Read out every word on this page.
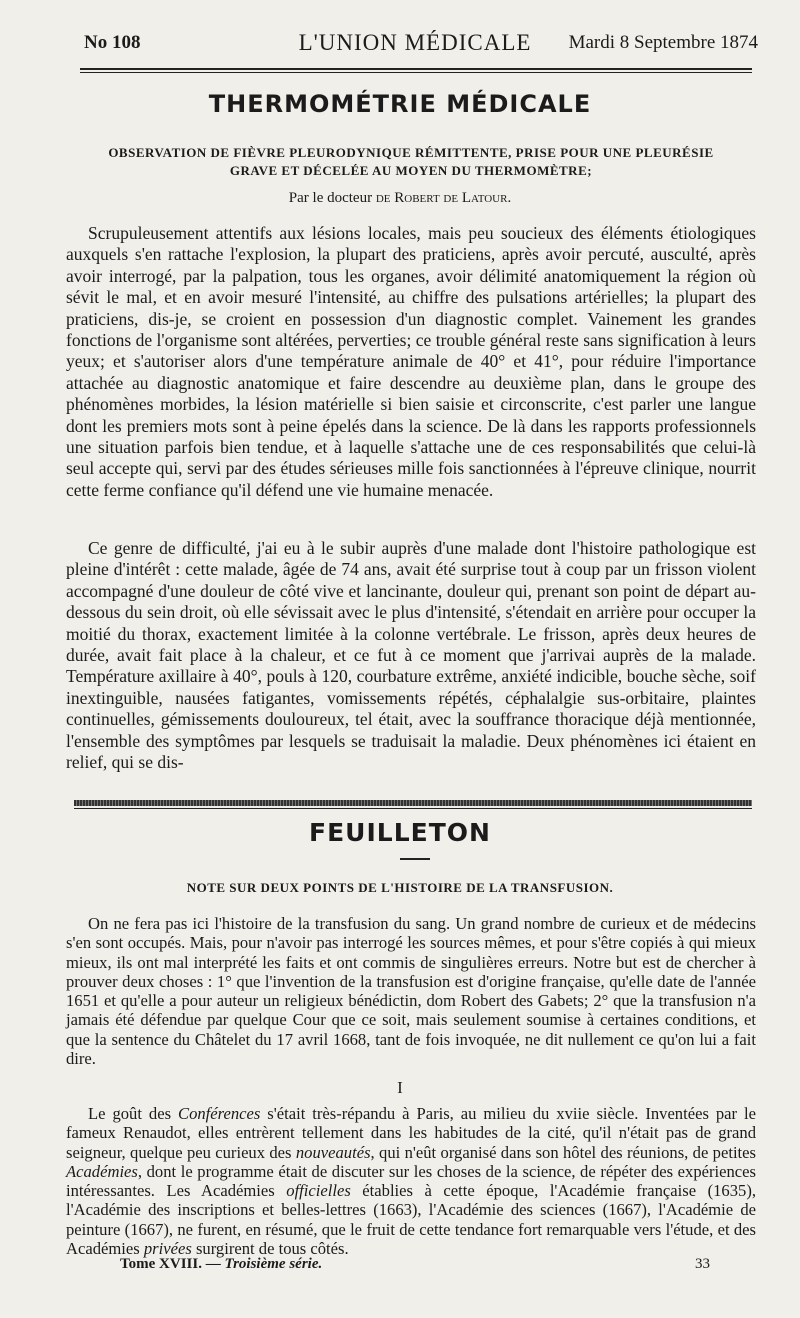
No 108	L'UNION MÉDICALE	Mardi 8 Septembre 1874
THERMOMÉTRIE MÉDICALE
OBSERVATION DE FIÈVRE PLEURODYNIQUE RÉMITTENTE, PRISE POUR UNE PLEURÉSIE
GRAVE ET DÉCELÉE AU MOYEN DU THERMOMÈTRE;
Par le docteur de Robert de Latour.

Scrupuleusement attentifs aux lésions locales, mais peu soucieux des éléments étiologiques auxquels s'en rattache l'explosion, la plupart des praticiens, après avoir percuté, ausculté, après avoir interrogé, par la palpation, tous les organes, avoir délimité anatomiquement la région où sévit le mal, et en avoir mesuré l'intensité, au chiffre des pulsations artérielles; la plupart des praticiens, dis-je, se croient en possession d'un diagnostic complet. Vainement les grandes fonctions de l'organisme sont altérées, perverties; ce trouble général reste sans signification à leurs yeux; et s'autoriser alors d'une température animale de 40° et 41°, pour réduire l'importance attachée au diagnostic anatomique et faire descendre au deuxième plan, dans le groupe des phénomènes morbides, la lésion matérielle si bien saisie et circonscrite, c'est parler une langue dont les premiers mots sont à peine épelés dans la science. De là dans les rapports professionnels une situation parfois bien tendue, et à laquelle s'attache une de ces responsabilités que celui-là seul accepte qui, servi par des études sérieuses mille fois sanctionnées à l'épreuve clinique, nourrit cette ferme confiance qu'il défend une vie humaine menacée.

Ce genre de difficulté, j'ai eu à le subir auprès d'une malade dont l'histoire pathologique est pleine d'intérêt : cette malade, âgée de 74 ans, avait été surprise tout à coup par un frisson violent accompagné d'une douleur de côté vive et lancinante, douleur qui, prenant son point de départ au-dessous du sein droit, où elle sévissait avec le plus d'intensité, s'étendait en arrière pour occuper la moitié du thorax, exactement limitée à la colonne vertébrale. Le frisson, après deux heures de durée, avait fait place à la chaleur, et ce fut à ce moment que j'arrivai auprès de la malade. Température axillaire à 40°, pouls à 120, courbature extrême, anxiété indicible, bouche sèche, soif inextinguible, nausées fatigantes, vomissements répétés, céphalalgie sus-orbitaire, plaintes continuelles, gémissements douloureux, tel était, avec la souffrance thoracique déjà mentionnée, l'ensemble des symptômes par lesquels se traduisait la maladie. Deux phénomènes ici étaient en relief, qui se dis-

FEUILLETON
NOTE SUR DEUX POINTS DE L'HISTOIRE DE LA TRANSFUSION.

On ne fera pas ici l'histoire de la transfusion du sang. Un grand nombre de curieux et de médecins s'en sont occupés. Mais, pour n'avoir pas interrogé les sources mêmes, et pour s'être copiés à qui mieux mieux, ils ont mal interprété les faits et ont commis de singulières erreurs. Notre but est de chercher à prouver deux choses : 1° que l'invention de la transfusion est d'origine française, qu'elle date de l'année 1651 et qu'elle a pour auteur un religieux bénédictin, dom Robert des Gabets; 2° que la transfusion n'a jamais été défendue par quelque Cour que ce soit, mais seulement soumise à certaines conditions, et que la sentence du Châtelet du 17 avril 1668, tant de fois invoquée, ne dit nullement ce qu'on lui a fait dire.

I

Le goût des Conférences s'était très-répandu à Paris, au milieu du xviie siècle. Inventées par le fameux Renaudot, elles entrèrent tellement dans les habitudes de la cité, qu'il n'était pas de grand seigneur, quelque peu curieux des nouveautés, qui n'eût organisé dans son hôtel des réunions, de petites Académies, dont le programme était de discuter sur les choses de la science, de répéter des expériences intéressantes. Les Académies officielles établies à cette époque, l'Académie française (1635), l'Académie des inscriptions et belles-lettres (1663), l'Académie des sciences (1667), l'Académie de peinture (1667), ne furent, en résumé, que le fruit de cette tendance fort remarquable vers l'étude, et des Académies privées surgirent de tous côtés.

Tome XVIII. — Troisième série.	33
